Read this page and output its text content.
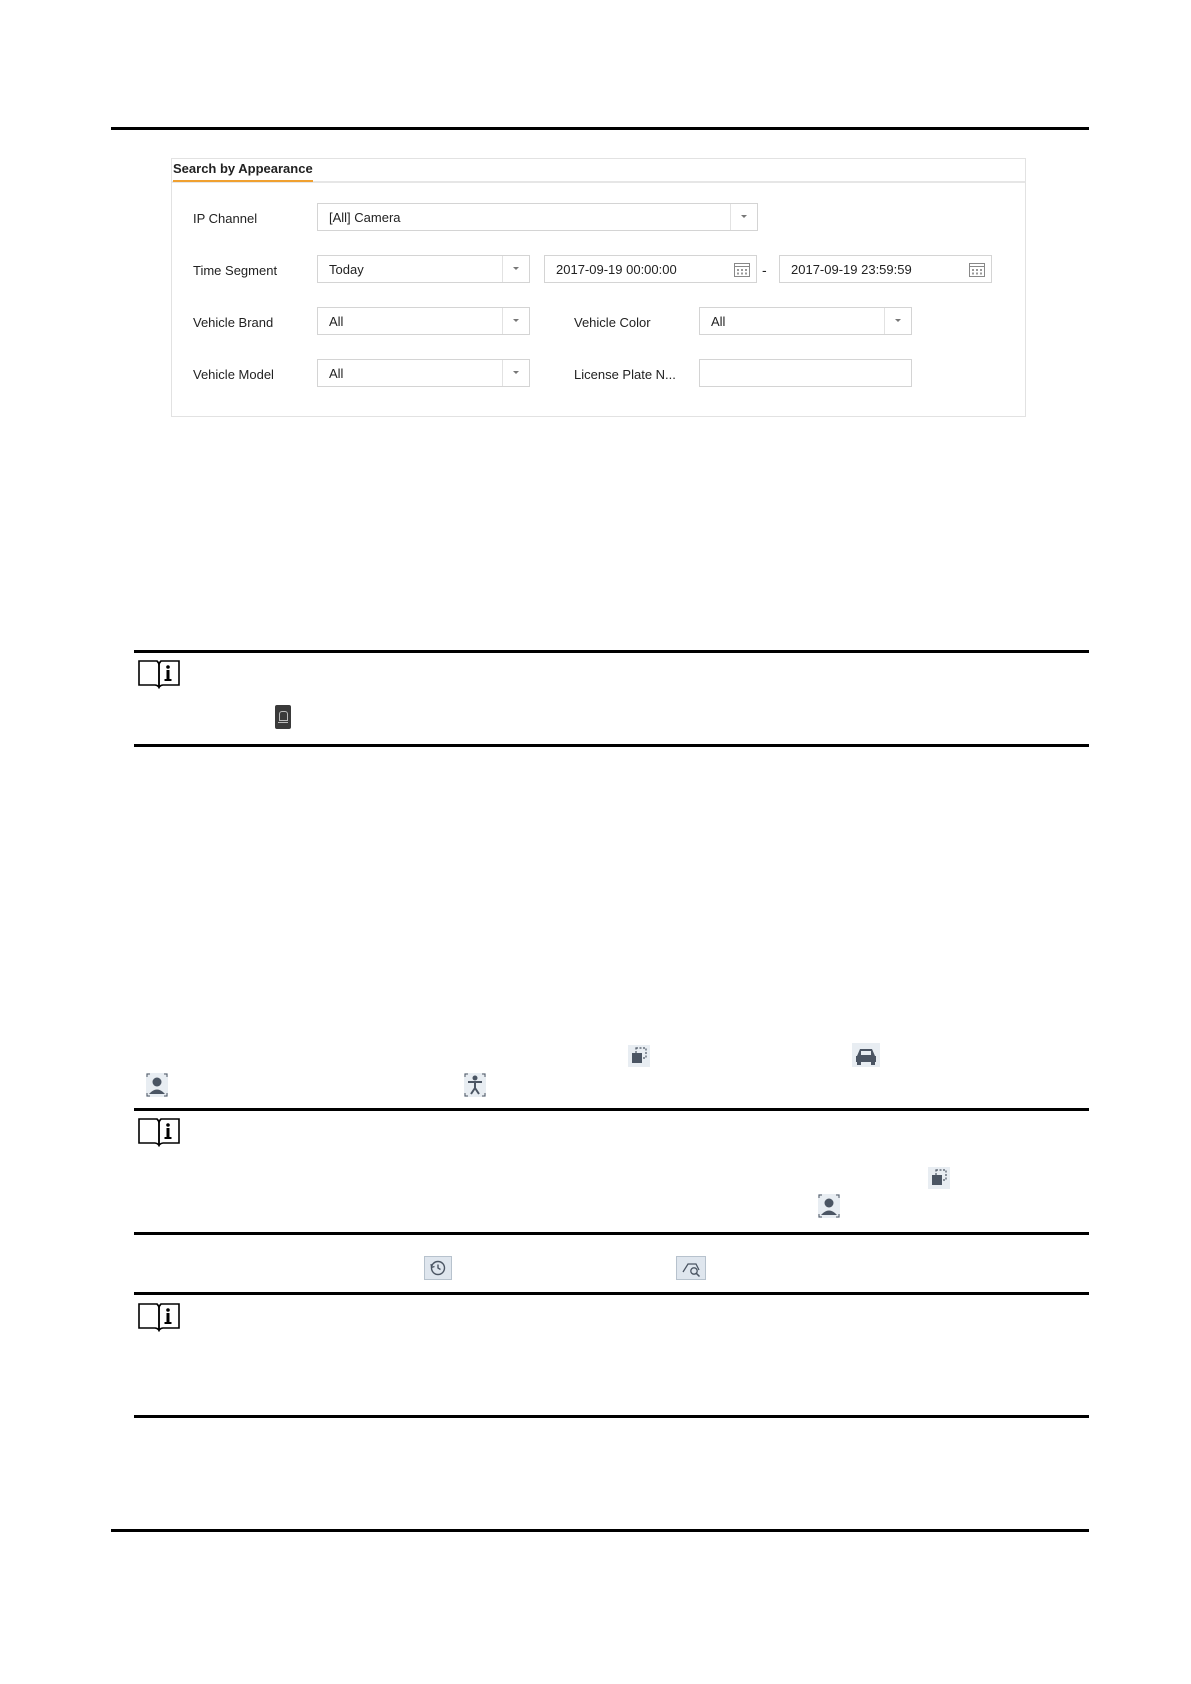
Search by Appearance
IP Channel	[All] Camera
Time Segment	Today	2017-09-19 00:00:00	- 2017-09-19 23:59:59
Vehicle Brand	All	Vehicle Color	All
Vehicle Model	All	License Plate N...
